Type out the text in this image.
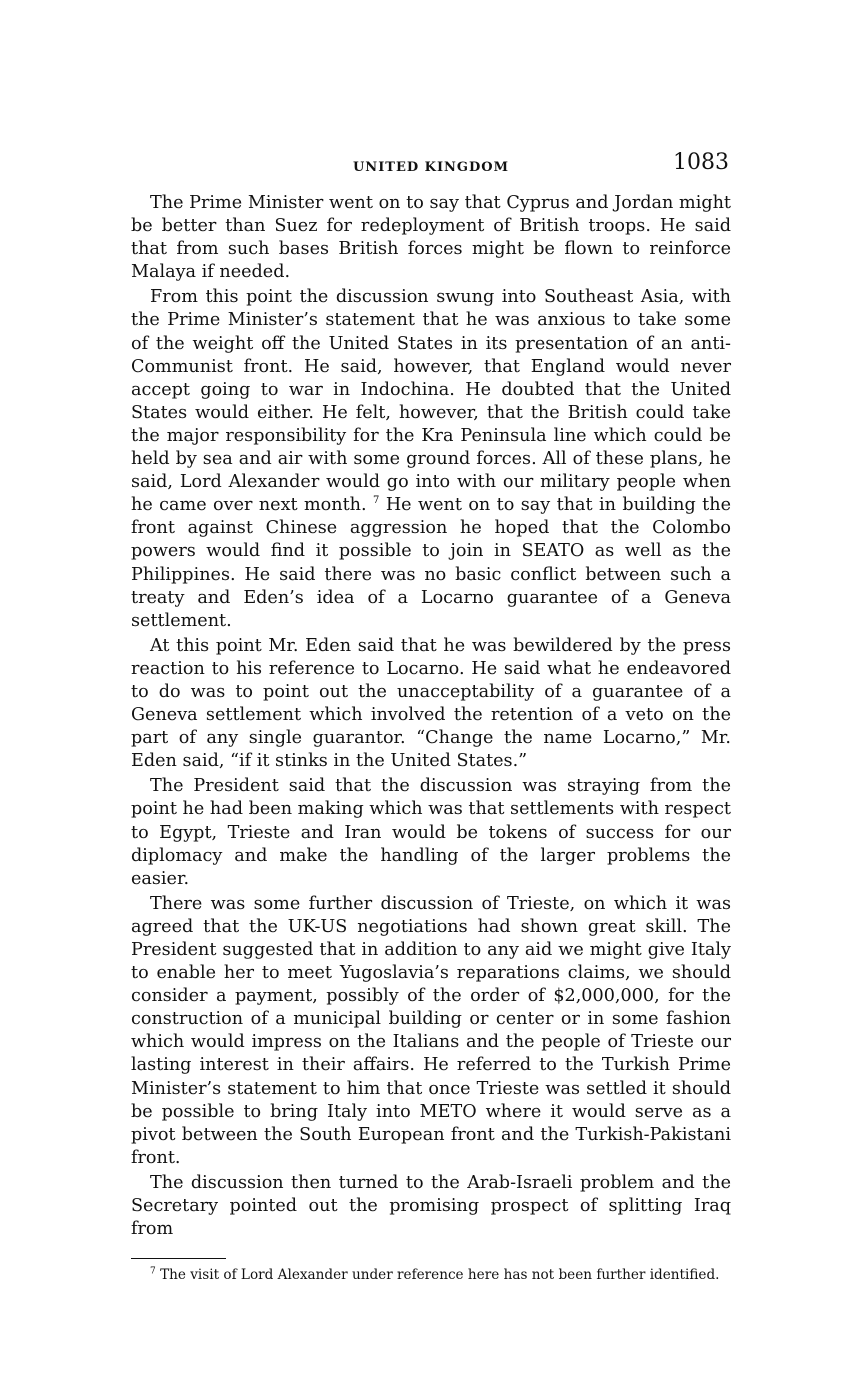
UNITED KINGDOM	1083

The Prime Minister went on to say that Cyprus and Jordan might be better than Suez for redeployment of British troops. He said that from such bases British forces might be flown to reinforce Malaya if needed.

From this point the discussion swung into Southeast Asia, with the Prime Minister’s statement that he was anxious to take some of the weight off the United States in its presentation of an anti-Communist front. He said, however, that England would never accept going to war in Indochina. He doubted that the United States would either. He felt, however, that the British could take the major responsibility for the Kra Peninsula line which could be held by sea and air with some ground forces. All of these plans, he said, Lord Alexander would go into with our military people when he came over next month. $^7$ He went on to say that in building the front against Chinese aggression he hoped that the Colombo powers would find it possible to join in SEATO as well as the Philippines. He said there was no basic conflict between such a treaty and Eden’s idea of a Locarno guarantee of a Geneva settlement.

At this point Mr. Eden said that he was bewildered by the press reaction to his reference to Locarno. He said what he endeavored to do was to point out the unacceptability of a guarantee of a Geneva settlement which involved the retention of a veto on the part of any single guarantor. “Change the name Locarno,” Mr. Eden said, “if it stinks in the United States.”

The President said that the discussion was straying from the point he had been making which was that settlements with respect to Egypt, Trieste and Iran would be tokens of success for our diplomacy and make the handling of the larger problems the easier.

There was some further discussion of Trieste, on which it was agreed that the UK-US negotiations had shown great skill. The President suggested that in addition to any aid we might give Italy to enable her to meet Yugoslavia’s reparations claims, we should consider a payment, possibly of the order of $2,000,000, for the construction of a municipal building or center or in some fashion which would impress on the Italians and the people of Trieste our lasting interest in their affairs. He referred to the Turkish Prime Minister’s statement to him that once Trieste was settled it should be possible to bring Italy into METO where it would serve as a pivot between the South European front and the Turkish-Pakistani front.

The discussion then turned to the Arab-Israeli problem and the Secretary pointed out the promising prospect of splitting Iraq from

$^7$ The visit of Lord Alexander under reference here has not been further identified.
